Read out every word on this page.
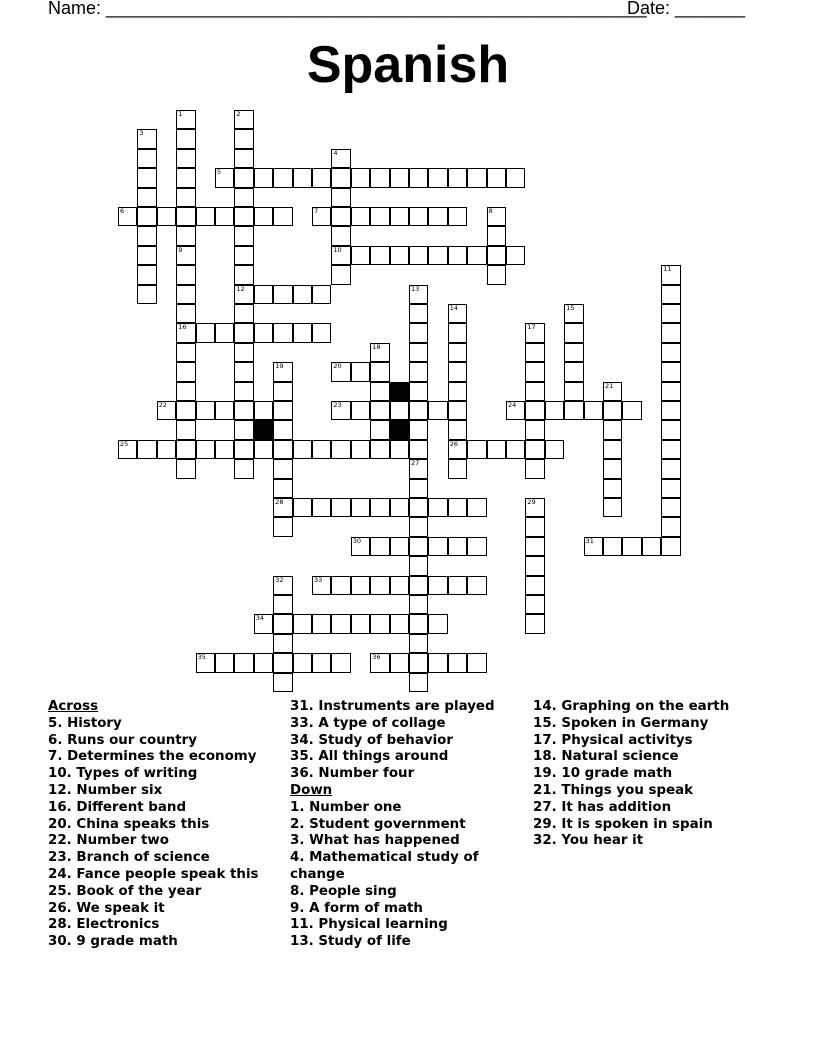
Name: ______________________________________________________
Date: _______
Spanish
1
9
2
12
3
4
10
5
6	7	8
16
11
13
14
26
15
17
18
19
28
20
21
22	23	24
25
27
29
30	31
32	33
34
35	36
Across
5. History
6. Runs our country
7. Determines the economy
10. Types of writing
12. Number six
16. Different band
20. China speaks this
22. Number two
23. Branch of science
24. Fance people speak this
25. Book of the year
26. We speak it
28. Electronics
30. 9 grade math
31. Instruments are played
33. A type of collage
34. Study of behavior
35. All things around
36. Number four
Down
1. Number one
2. Student government
3. What has happened
4. Mathematical study of change
8. People sing
9. A form of math
11. Physical learning
13. Study of life
14. Graphing on the earth
15. Spoken in Germany
17. Physical activitys
18. Natural science
19. 10 grade math
21. Things you speak
27. It has addition
29. It is spoken in spain
32. You hear it
